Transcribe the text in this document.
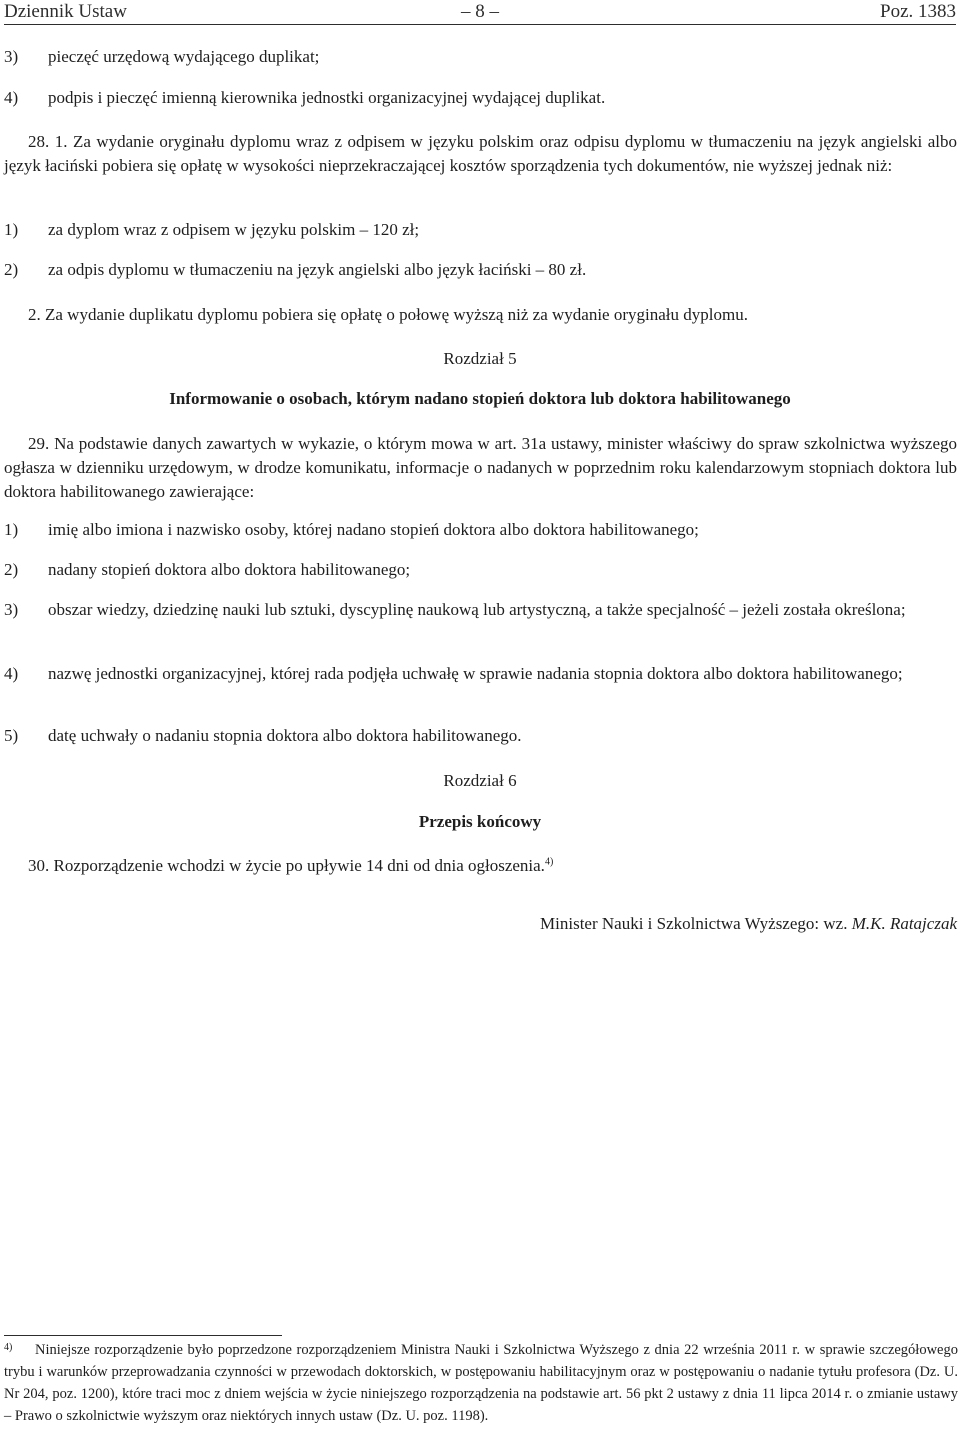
Dziennik Ustaw	– 8 –	Poz. 1383
3) pieczęć urzędową wydającego duplikat;
4) podpis i pieczęć imienną kierownika jednostki organizacyjnej wydającej duplikat.
28. 1. Za wydanie oryginału dyplomu wraz z odpisem w języku polskim oraz odpisu dyplomu w tłumaczeniu na język angielski albo język łaciński pobiera się opłatę w wysokości nieprzekraczającej kosztów sporządzenia tych dokumentów, nie wyższej jednak niż:
1) za dyplom wraz z odpisem w języku polskim – 120 zł;
2) za odpis dyplomu w tłumaczeniu na język angielski albo język łaciński – 80 zł.
2. Za wydanie duplikatu dyplomu pobiera się opłatę o połowę wyższą niż za wydanie oryginału dyplomu.
Rozdział 5
Informowanie o osobach, którym nadano stopień doktora lub doktora habilitowanego
29. Na podstawie danych zawartych w wykazie, o którym mowa w art. 31a ustawy, minister właściwy do spraw szkolnictwa wyższego ogłasza w dzienniku urzędowym, w drodze komunikatu, informacje o nadanych w poprzednim roku kalendarzowym stopniach doktora lub doktora habilitowanego zawierające:
1) imię albo imiona i nazwisko osoby, której nadano stopień doktora albo doktora habilitowanego;
2) nadany stopień doktora albo doktora habilitowanego;
3) obszar wiedzy, dziedzinę nauki lub sztuki, dyscyplinę naukową lub artystyczną, a także specjalność – jeżeli została określona;
4) nazwę jednostki organizacyjnej, której rada podjęła uchwałę w sprawie nadania stopnia doktora albo doktora habilitowanego;
5) datę uchwały o nadaniu stopnia doktora albo doktora habilitowanego.
Rozdział 6
Przepis końcowy
30. Rozporządzenie wchodzi w życie po upływie 14 dni od dnia ogłoszenia.$^{4)}$
Minister Nauki i Szkolnictwa Wyższego: wz. M.K. Ratajczak
4)	Niniejsze rozporządzenie było poprzedzone rozporządzeniem Ministra Nauki i Szkolnictwa Wyższego z dnia 22 września 2011 r. w sprawie szczegółowego trybu i warunków przeprowadzania czynności w przewodach doktorskich, w postępowaniu habilitacyjnym oraz w postępowaniu o nadanie tytułu profesora (Dz. U. Nr 204, poz. 1200), które traci moc z dniem wejścia w życie niniejszego rozporządzenia na podstawie art. 56 pkt 2 ustawy z dnia 11 lipca 2014 r. o zmianie ustawy – Prawo o szkolnictwie wyższym oraz niektórych innych ustaw (Dz. U. poz. 1198).
